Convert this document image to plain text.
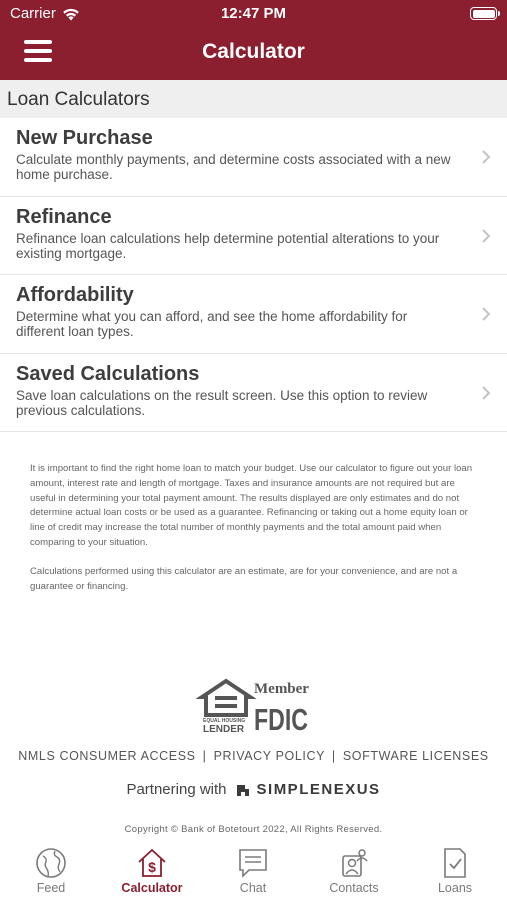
Carrier	12:47 PM
Calculator
Loan Calculators
New Purchase
Calculate monthly payments, and determine costs associated with a new home purchase.
Refinance
Refinance loan calculations help determine potential alterations to your existing mortgage.
Affordability
Determine what you can afford, and see the home affordability for different loan types.
Saved Calculations
Save loan calculations on the result screen. Use this option to review previous calculations.

It is important to find the right home loan to match your budget. Use our calculator to figure out your loan amount, interest rate and length of mortgage. Taxes and insurance amounts are not required but are useful in determining your total payment amount. The results displayed are only estimates and do not determine actual loan costs or be used as a guarantee. Refinancing or taking out a home equity loan or line of credit may increase the total number of monthly payments and the total amount paid when comparing to your situation.

Calculations performed using this calculator are an estimate, are for your convenience, and are not a guarantee or financing.

EQUAL HOUSING
LENDER
Member
FDIC
NMLS CONSUMER ACCESS | PRIVACY POLICY | SOFTWARE LICENSES
Partnering with SIMPLENEXUS
Copyright © Bank of Botetourt 2022, All Rights Reserved.
Feed
$
Calculator	Chat	Contacts	Loans
